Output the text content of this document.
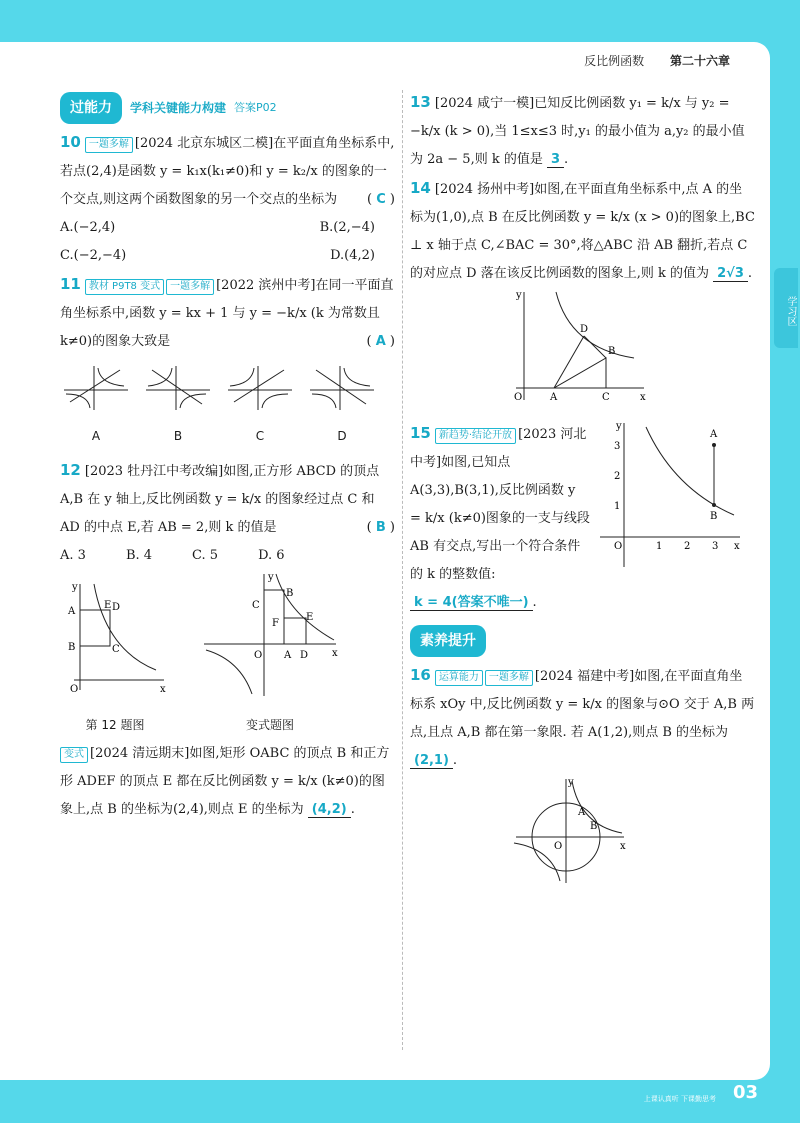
反比例函数 第二十六章
学习区
过能力	学科关键能力构建 答案P02
10 一题多解 [2024 北京东城区二模]在平面直角坐标系中,若点(2,4)是函数 y = k₁x(k₁≠0)和 y = k₂/x 的图象的一个交点,则这两个函数图象的另一个交点的坐标为 ( C )
A.(−2,4)	B.(2,−4)
C.(−2,−4)	D.(4,2)
11 教材 P9T8 变式 一题多解 [2022 滨州中考]在同一平面直角坐标系中,函数 y = kx + 1 与 y = −k/x (k 为常数且 k≠0)的图象大致是	( A )

A	B	C	D
12 [2023 牡丹江中考改编]如图,正方形 ABCD 的顶点 A,B 在 y 轴上,反比例函数 y = k/x 的图象经过点 C 和 AD 的中点 E,若 AB = 2,则 k 的值是	( B )
A. 3	B. 4	C. 5	D. 6
A
B
E D
C
O	x
y

第 12 题图
C
B
F
E
A D
O	x
y

变式题图
变式 [2024 清远期末]如图,矩形 OABC 的顶点 B 和正方形 ADEF 的顶点 E 都在反比例函数 y = k/x (k≠0)的图象上,点 B 的坐标为(2,4),则点 E 的坐标为 (4,2) .
13 [2024 咸宁一模]已知反比例函数 y₁ = k/x 与 y₂ = −k/x (k > 0),当 1≤x≤3 时,y₁ 的最小值为 a,y₂ 的最小值为 2a − 5,则 k 的值是 3 .
14 [2024 扬州中考]如图,在平面直角坐标系中,点 A 的坐标为(1,0),点 B 在反比例函数 y = k/x (x > 0)的图象上,BC ⊥ x 轴于点 C,∠BAC = 30°,将△ABC 沿 AB 翻折,若点 C 的对应点 D 落在该反比例函数的图象上,则 k 的值为 2√3 .
O	A	C
D
B
x
y
15 新趋势·结论开放 [2023 河北中考]如图,已知点 A(3,3),B(3,1),反比例函数 y = k/x (k≠0)图象的一支与线段 AB 有交点,写出一个符合条件的 k 的整数值:
A
B
O	1 2 3 x
1
2
3
y
k = 4(答案不唯一) .
素养提升
16 运算能力 一题多解 [2024 福建中考]如图,在平面直角坐标系 xOy 中,反比例函数 y = k/x 的图象与⊙O 交于 A,B 两点,且点 A,B 都在第一象限. 若 A(1,2),则点 B 的坐标为 (2,1) .
A
B
O	x
y
上课认真听 下课勤思考 03
